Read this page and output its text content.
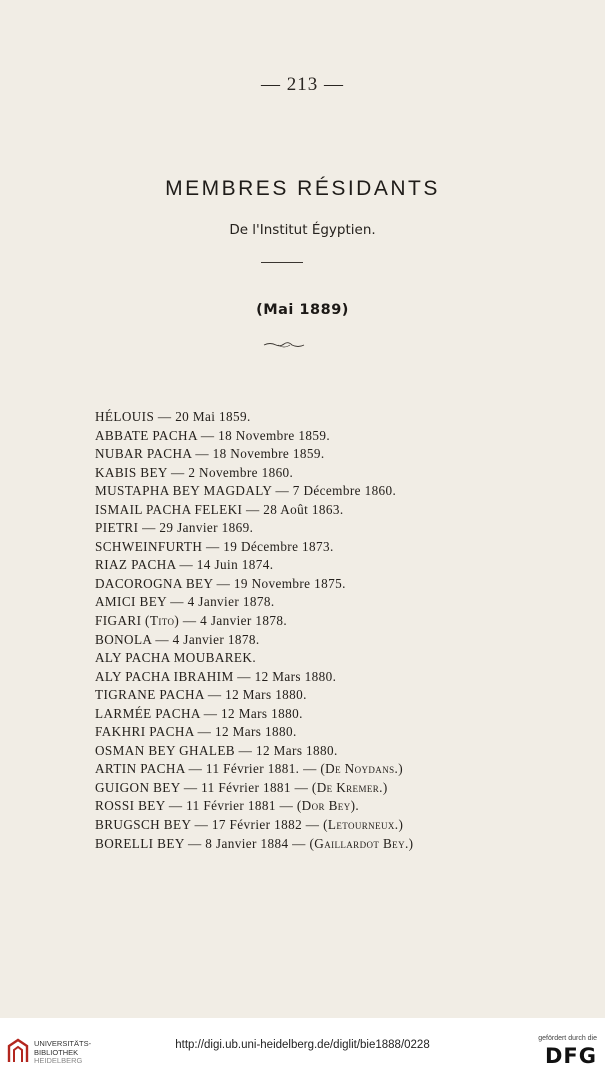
— 213 —
MEMBRES RÉSIDANTS
De l'Institut Égyptien.
(Mai 1889)
HÉLOUIS — 20 Mai 1859.
ABBATE PACHA — 18 Novembre 1859.
NUBAR PACHA — 18 Novembre 1859.
KABIS BEY — 2 Novembre 1860.
MUSTAPHA BEY MAGDALY — 7 Décembre 1860.
ISMAIL PACHA FELEKI — 28 Août 1863.
PIETRI — 29 Janvier 1869.
SCHWEINFURTH — 19 Décembre 1873.
RIAZ PACHA — 14 Juin 1874.
DACOROGNA BEY — 19 Novembre 1875.
AMICI BEY — 4 Janvier 1878.
FIGARI (Tito) — 4 Janvier 1878.
BONOLA — 4 Janvier 1878.
ALY PACHA MOUBAREK.
ALY PACHA IBRAHIM — 12 Mars 1880.
TIGRANE PACHA — 12 Mars 1880.
LARMÉE PACHA — 12 Mars 1880.
FAKHRI PACHA — 12 Mars 1880.
OSMAN BEY GHALEB — 12 Mars 1880.
ARTIN PACHA — 11 Février 1881. — (De Noydans.)
GUIGON BEY — 11 Février 1881 — (De Kremer.)
ROSSI BEY — 11 Février 1881 — (Dor Bey).
BRUGSCH BEY — 17 Février 1882 — (Letourneux.)
BORELLI BEY — 8 Janvier 1884 — (Gaillardot Bey.)
UNIVERSITÄTS-
BIBLIOTHEK
HEIDELBERG
http://digi.ub.uni-heidelberg.de/diglit/bie1888/0228
gefördert durch die
DFG
